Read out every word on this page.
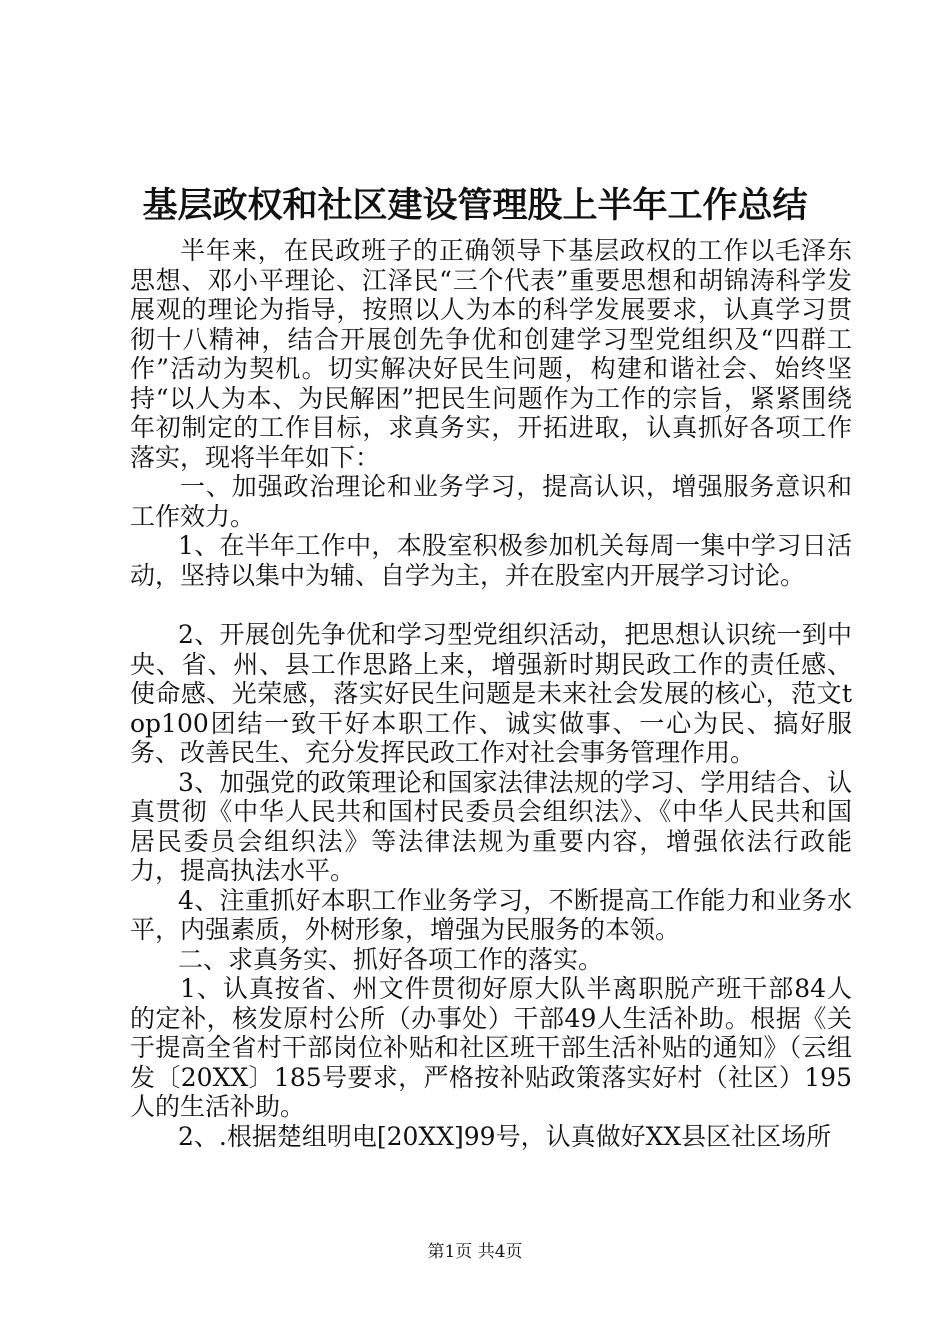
基层政权和社区建设管理股上半年工作总结

半年来，在民政班子的正确领导下基层政权的工作以毛泽东思想、邓小平理论、江泽民“三个代表”重要思想和胡锦涛科学发展观的理论为指导，按照以人为本的科学发展要求，认真学习贯彻十八精神，结合开展创先争优和创建学习型党组织及“四群工作”活动为契机。切实解决好民生问题，构建和谐社会、始终坚持“以人为本、为民解困”把民生问题作为工作的宗旨，紧紧围绕年初制定的工作目标，求真务实，开拓进取，认真抓好各项工作落实，现将半年如下：

一、加强政治理论和业务学习，提高认识，增强服务意识和工作效力。

1、在半年工作中，本股室积极参加机关每周一集中学习日活动，坚持以集中为辅、自学为主，并在股室内开展学习讨论。

2、开展创先争优和学习型党组织活动，把思想认识统一到中央、省、州、县工作思路上来，增强新时期民政工作的责任感、使命感、光荣感，落实好民生问题是未来社会发展的核心，范文top100团结一致干好本职工作、诚实做事、一心为民、搞好服务、改善民生、充分发挥民政工作对社会事务管理作用。

3、加强党的政策理论和国家法律法规的学习、学用结合、认真贯彻《中华人民共和国村民委员会组织法》、《中华人民共和国居民委员会组织法》等法律法规为重要内容，增强依法行政能力，提高执法水平。

4、注重抓好本职工作业务学习，不断提高工作能力和业务水平，内强素质，外树形象，增强为民服务的本领。

二、求真务实、抓好各项工作的落实。

1、认真按省、州文件贯彻好原大队半离职脱产班干部84人的定补，核发原村公所（办事处）干部49人生活补助。根据《关于提高全省村干部岗位补贴和社区班干部生活补贴的通知》（云组发〔20XX〕185号要求，严格按补贴政策落实好村（社区）195人的生活补助。

2、.根据楚组明电[20XX]99号，认真做好XX县区社区场所

第1页 共4页
